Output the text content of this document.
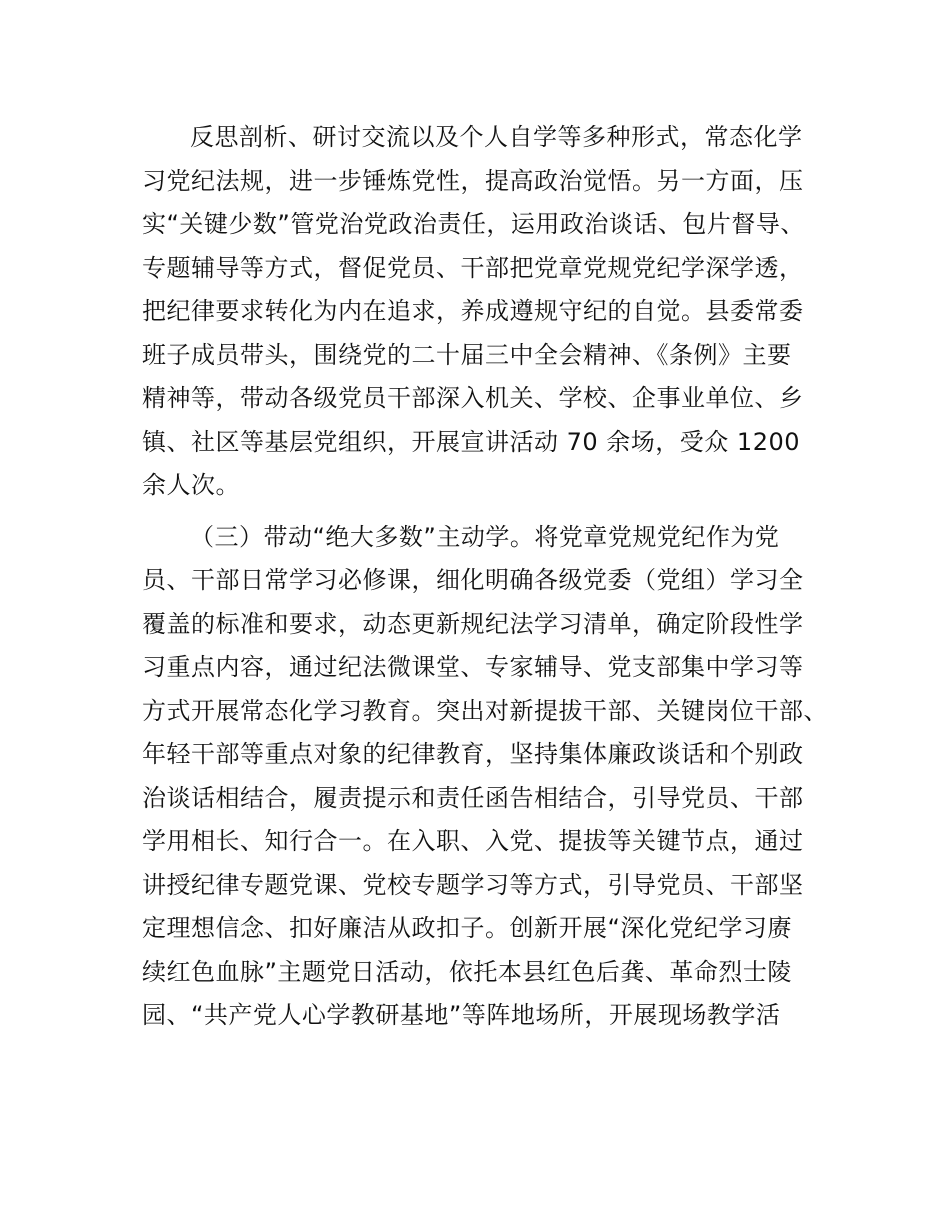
反思剖析、研讨交流以及个人自学等多种形式，常态化学
习党纪法规，进一步锤炼党性，提高政治觉悟。另一方面，压
实“关键少数”管党治党政治责任，运用政治谈话、包片督导、
专题辅导等方式，督促党员、干部把党章党规党纪学深学透，
把纪律要求转化为内在追求，养成遵规守纪的自觉。县委常委
班子成员带头，围绕党的二十届三中全会精神、《条例》主要
精神等，带动各级党员干部深入机关、学校、企事业单位、乡
镇、社区等基层党组织，开展宣讲活动 70 余场，受众 1200
余人次。
（三）带动“绝大多数”主动学。将党章党规党纪作为党
员、干部日常学习必修课，细化明确各级党委（党组）学习全
覆盖的标准和要求，动态更新规纪法学习清单，确定阶段性学
习重点内容，通过纪法微课堂、专家辅导、党支部集中学习等
方式开展常态化学习教育。突出对新提拔干部、关键岗位干部、
年轻干部等重点对象的纪律教育，坚持集体廉政谈话和个别政
治谈话相结合，履责提示和责任函告相结合，引导党员、干部
学用相长、知行合一。在入职、入党、提拔等关键节点，通过
讲授纪律专题党课、党校专题学习等方式，引导党员、干部坚
定理想信念、扣好廉洁从政扣子。创新开展“深化党纪学习赓
续红色血脉”主题党日活动，依托本县红色后龚、革命烈士陵
园、“共产党人心学教研基地”等阵地场所，开展现场教学活
